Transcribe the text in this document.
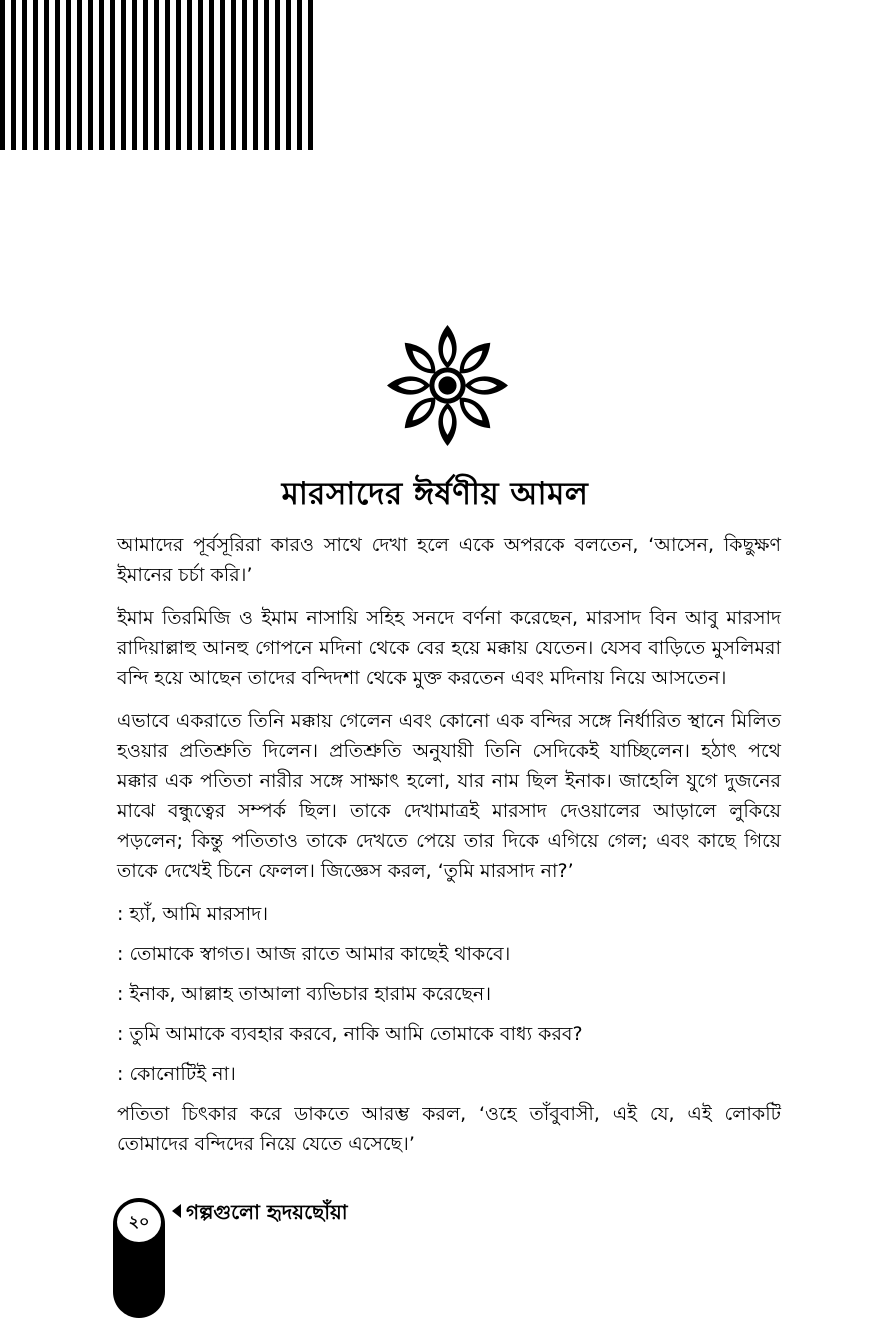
মারসাদের ঈর্ষণীয় আমল

আমাদের পূর্বসূরিরা কারও সাথে দেখা হলে একে অপরকে বলতেন, ‘আসেন, কিছুক্ষণ ইমানের চর্চা করি।’

ইমাম তিরমিজি ও ইমাম নাসায়ি সহিহ সনদে বর্ণনা করেছেন, মারসাদ বিন আবু মারসাদ রাদিয়াল্লাহু আনহু গোপনে মদিনা থেকে বের হয়ে মক্কায় যেতেন। যেসব বাড়িতে মুসলিমরা বন্দি হয়ে আছেন তাদের বন্দিদশা থেকে মুক্ত করতেন এবং মদিনায় নিয়ে আসতেন।

এভাবে একরাতে তিনি মক্কায় গেলেন এবং কোনো এক বন্দির সঙ্গে নির্ধারিত স্থানে মিলিত হওয়ার প্রতিশ্রুতি দিলেন। প্রতিশ্রুতি অনুযায়ী তিনি সেদিকেই যাচ্ছিলেন। হঠাৎ পথে মক্কার এক পতিতা নারীর সঙ্গে সাক্ষাৎ হলো, যার নাম ছিল ইনাক। জাহেলি যুগে দুজনের মাঝে বন্ধুত্বের সম্পর্ক ছিল। তাকে দেখামাত্রই মারসাদ দেওয়ালের আড়ালে লুকিয়ে পড়লেন; কিন্তু পতিতাও তাকে দেখতে পেয়ে তার দিকে এগিয়ে গেল; এবং কাছে গিয়ে তাকে দেখেই চিনে ফেলল। জিজ্ঞেস করল, ‘তুমি মারসাদ না?’

: হ্যাঁ, আমি মারসাদ।

: তোমাকে স্বাগত। আজ রাতে আমার কাছেই থাকবে।

: ইনাক, আল্লাহ তাআলা ব্যভিচার হারাম করেছেন।

: তুমি আমাকে ব্যবহার করবে, নাকি আমি তোমাকে বাধ্য করব?

: কোনোটিই না।

পতিতা চিৎকার করে ডাকতে আরম্ভ করল, ‘ওহে তাঁবুবাসী, এই যে, এই লোকটি তোমাদের বন্দিদের নিয়ে যেতে এসেছে।’

২০	গল্পগুলো হৃদয়ছোঁয়া
